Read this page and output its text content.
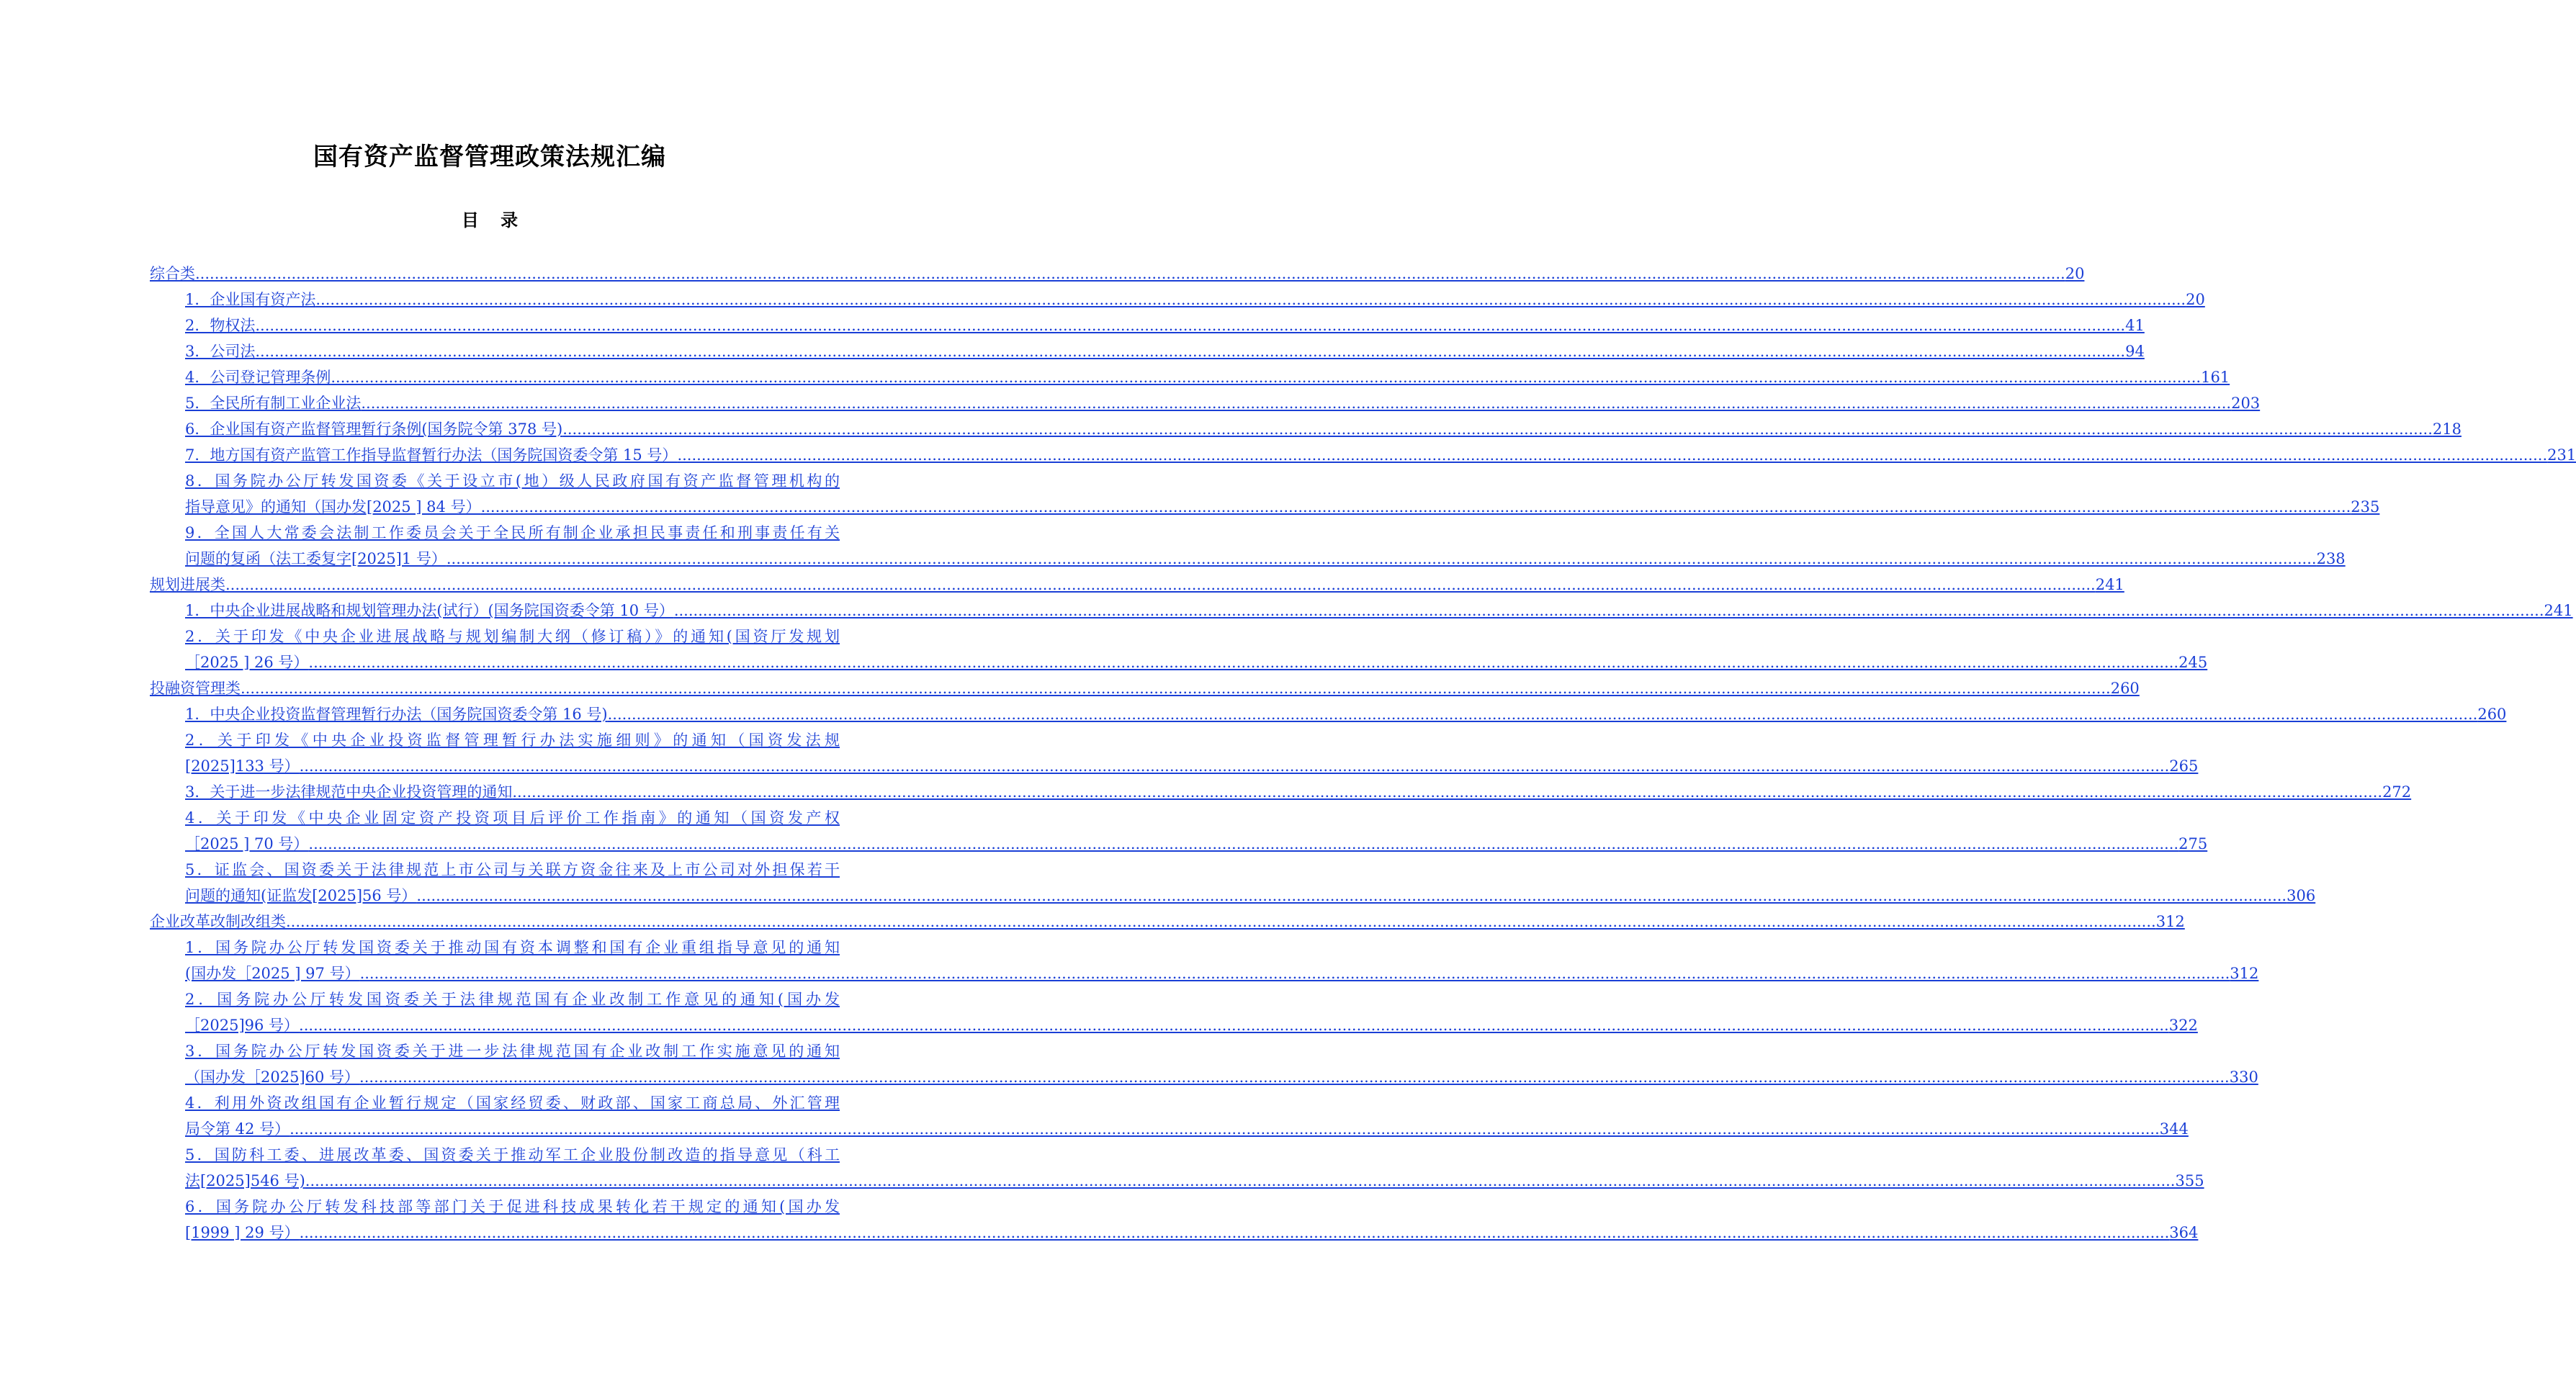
国有资产监督管理政策法规汇编
目 录
综合类 .....	20
1．企业国有资产法 .....	20
2．物权法 .....	41
3．公司法 .....	94
4．公司登记管理条例 .....	161
5．全民所有制工业企业法 .....	203
6．企业国有资产监督管理暂行条例(国务院令第 378 号) .....	218
7．地方国有资产监管工作指导监督暂行办法（国务院国资委令第 15 号） .....	231
8．国务院办公厅转发国资委《关于设立市(地）级人民政府国有资产监督管理机构的
指导意见》的通知（国办发[2025 ] 84 号） .....	235
9．全国人大常委会法制工作委员会关于全民所有制企业承担民事责任和刑事责任有关
问题的复函（法工委复字[2025]1 号） .....	238
规划进展类 .....	241
1．中央企业进展战略和规划管理办法(试行）(国务院国资委令第 10 号） .....	241
2．关于印发《中央企业进展战略与规划编制大纲（修订稿）》的通知(国资厅发规划
［2025 ] 26 号） .....	245
投融资管理类 .....	260
1．中央企业投资监督管理暂行办法（国务院国资委令第 16 号) .....	260
2．关于印发《中央企业投资监督管理暂行办法实施细则》的通知（国资发法规
[2025]133 号） .....	265
3．关于进一步法律规范中央企业投资管理的通知 .....	272
4．关于印发《中央企业固定资产投资项目后评价工作指南》的通知（国资发产权
［2025 ] 70 号） .....	275
5．证监会、国资委关于法律规范上市公司与关联方资金往来及上市公司对外担保若干
问题的通知(证监发[2025]56 号） .....	306
企业改革改制改组类 .....	312
1．国务院办公厅转发国资委关于推动国有资本调整和国有企业重组指导意见的通知
(国办发［2025 ] 97 号） .....	312
2．国务院办公厅转发国资委关于法律规范国有企业改制工作意见的通知(国办发
［2025]96 号） .....	322
3．国务院办公厅转发国资委关于进一步法律规范国有企业改制工作实施意见的通知
（国办发［2025]60 号） .....	330
4．利用外资改组国有企业暂行规定（国家经贸委、财政部、国家工商总局、外汇管理
局令第 42 号） .....	344
5．国防科工委、进展改革委、国资委关于推动军工企业股份制改造的指导意见（科工
法[2025]546 号) .....	355
6．国务院办公厅转发科技部等部门关于促进科技成果转化若干规定的通知(国办发
[1999 ] 29 号） .....	364
